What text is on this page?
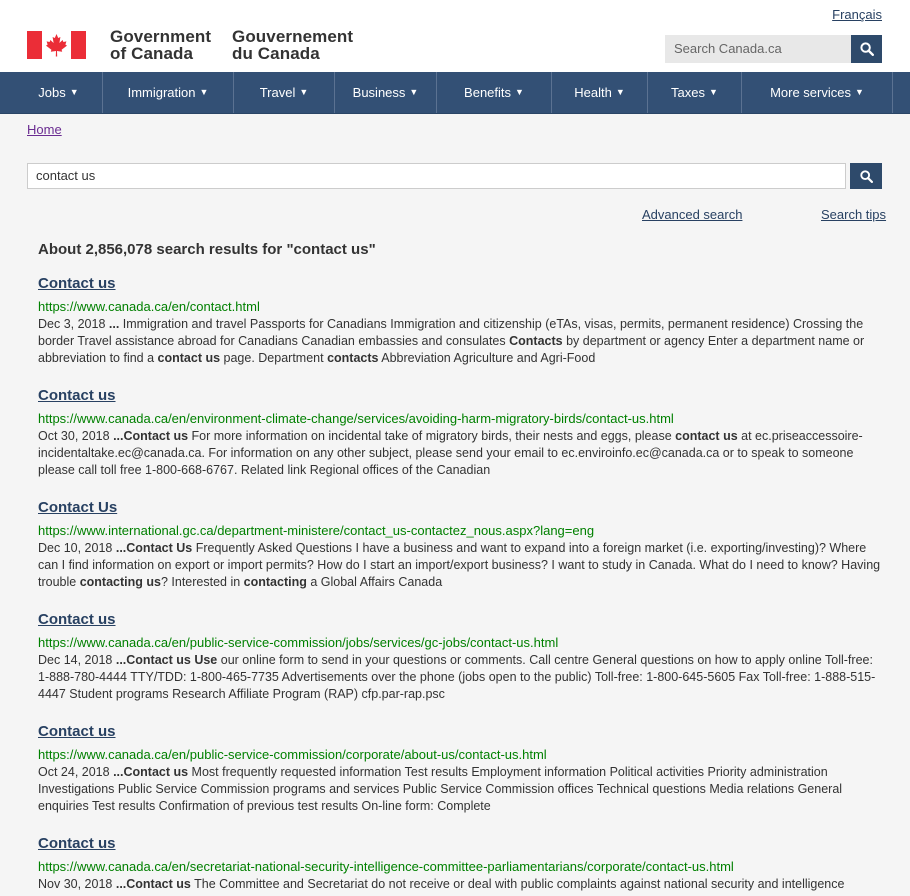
Français
Government
of Canada
Gouvernement
du Canada	Search Canada.ca
Jobs ▼	Immigration ▼	Travel ▼	Business ▼	Benefits ▼	Health ▼	Taxes ▼	More services ▼
Home
contact us
Advanced search	Search tips
About 2,856,078 search results for "contact us"
Contact us
https://www.canada.ca/en/contact.html
Dec 3, 2018 ... Immigration and travel Passports for Canadians Immigration and citizenship (eTAs, visas, permits, permanent residence) Crossing the border Travel assistance abroad for Canadians Canadian embassies and consulates Contacts by department or agency Enter a department name or abbreviation to find a contact us page. Department contacts Abbreviation Agriculture and Agri-Food
Contact us
https://www.canada.ca/en/environment-climate-change/services/avoiding-harm-migratory-birds/contact-us.html
Oct 30, 2018 ...Contact us For more information on incidental take of migratory birds, their nests and eggs, please contact us at ec.priseaccessoire-incidentaltake.ec@canada.ca. For information on any other subject, please send your email to ec.enviroinfo.ec@canada.ca or to speak to someone please call toll free 1-800-668-6767. Related link Regional offices of the Canadian
Contact Us
https://www.international.gc.ca/department-ministere/contact_us-contactez_nous.aspx?lang=eng
Dec 10, 2018 ...Contact Us Frequently Asked Questions I have a business and want to expand into a foreign market (i.e. exporting/investing)? Where can I find information on export or import permits? How do I start an import/export business? I want to study in Canada. What do I need to know? Having trouble contacting us? Interested in contacting a Global Affairs Canada
Contact us
https://www.canada.ca/en/public-service-commission/jobs/services/gc-jobs/contact-us.html
Dec 14, 2018 ...Contact us Use our online form to send in your questions or comments. Call centre General questions on how to apply online Toll-free: 1-888-780-4444 TTY/TDD: 1-800-465-7735 Advertisements over the phone (jobs open to the public) Toll-free: 1-800-645-5605 Fax Toll-free: 1-888-515-4447 Student programs Research Affiliate Program (RAP) cfp.par-rap.psc
Contact us
https://www.canada.ca/en/public-service-commission/corporate/about-us/contact-us.html
Oct 24, 2018 ...Contact us Most frequently requested information Test results Employment information Political activities Priority administration Investigations Public Service Commission programs and services Public Service Commission offices Technical questions Media relations General enquiries Test results Confirmation of previous test results On-line form: Complete
Contact us
https://www.canada.ca/en/secretariat-national-security-intelligence-committee-parliamentarians/corporate/contact-us.html
Nov 30, 2018 ...Contact us The Committee and Secretariat do not receive or deal with public complaints against national security and intelligence
